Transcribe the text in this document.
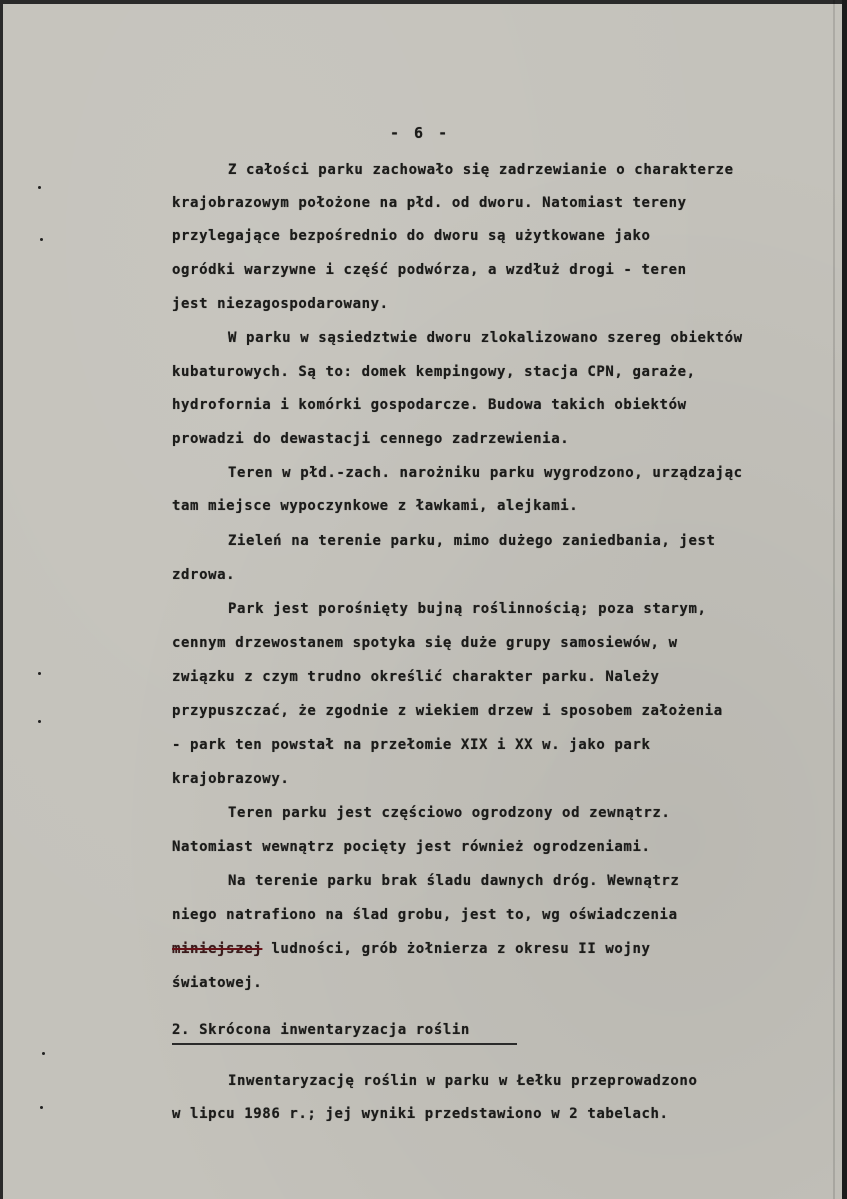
- 6 -
Z całości parku zachowało się zadrzewianie o charakterze
krajobrazowym położone na płd. od dworu. Natomiast tereny
przylegające bezpośrednio do dworu są użytkowane jako
ogródki warzywne i część podwórza, a wzdłuż drogi - teren
jest niezagospodarowany.
W parku w sąsiedztwie dworu zlokalizowano szereg obiektów
kubaturowych. Są to: domek kempingowy, stacja CPN, garaże,
hydrofornia i komórki gospodarcze. Budowa takich obiektów
prowadzi do dewastacji cennego zadrzewienia.
Teren w płd.-zach. narożniku parku wygrodzono, urządzając
tam miejsce wypoczynkowe z ławkami, alejkami.
Zieleń na terenie parku, mimo dużego zaniedbania, jest
zdrowa.
Park jest porośnięty bujną roślinnością; poza starym,
cennym drzewostanem spotyka się duże grupy samosiewów, w
związku z czym trudno określić charakter parku. Należy
przypuszczać, że zgodnie z wiekiem drzew i sposobem założenia
- park ten powstał na przełomie XIX i XX w. jako park
krajobrazowy.
Teren parku jest częściowo ogrodzony od zewnątrz.
Natomiast wewnątrz pocięty jest również ogrodzeniami.
Na terenie parku brak śladu dawnych dróg. Wewnątrz
niego natrafiono na ślad grobu, jest to, wg oświadczenia
miniejszej ludności, grób żołnierza z okresu II wojny
światowej.
2. Skrócona inwentaryzacja roślin
Inwentaryzację roślin w parku w Łełku przeprowadzono
w lipcu 1986 r.; jej wyniki przedstawiono w 2 tabelach.
